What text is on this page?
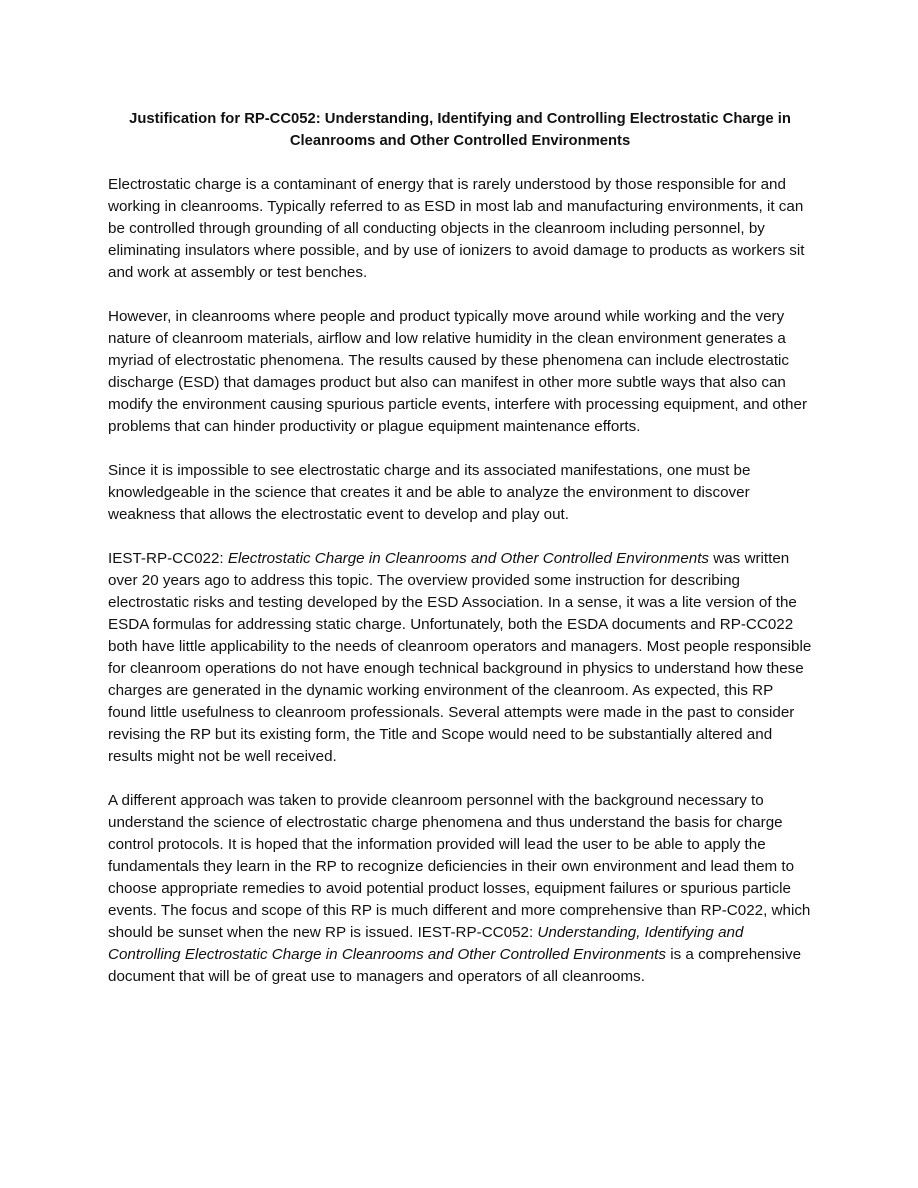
Justification for RP-CC052: Understanding, Identifying and Controlling Electrostatic Charge in Cleanrooms and Other Controlled Environments

Electrostatic charge is a contaminant of energy that is rarely understood by those responsible for and working in cleanrooms. Typically referred to as ESD in most lab and manufacturing environments, it can be controlled through grounding of all conducting objects in the cleanroom including personnel, by eliminating insulators where possible, and by use of ionizers to avoid damage to products as workers sit and work at assembly or test benches.

However, in cleanrooms where people and product typically move around while working and the very nature of cleanroom materials, airflow and low relative humidity in the clean environment generates a myriad of electrostatic phenomena. The results caused by these phenomena can include electrostatic discharge (ESD) that damages product but also can manifest in other more subtle ways that also can modify the environment causing spurious particle events, interfere with processing equipment, and other problems that can hinder productivity or plague equipment maintenance efforts.

Since it is impossible to see electrostatic charge and its associated manifestations, one must be knowledgeable in the science that creates it and be able to analyze the environment to discover weakness that allows the electrostatic event to develop and play out.

IEST-RP-CC022: Electrostatic Charge in Cleanrooms and Other Controlled Environments was written over 20 years ago to address this topic. The overview provided some instruction for describing electrostatic risks and testing developed by the ESD Association. In a sense, it was a lite version of the ESDA formulas for addressing static charge. Unfortunately, both the ESDA documents and RP-CC022 both have little applicability to the needs of cleanroom operators and managers. Most people responsible for cleanroom operations do not have enough technical background in physics to understand how these charges are generated in the dynamic working environment of the cleanroom. As expected, this RP found little usefulness to cleanroom professionals. Several attempts were made in the past to consider revising the RP but its existing form, the Title and Scope would need to be substantially altered and results might not be well received.

A different approach was taken to provide cleanroom personnel with the background necessary to understand the science of electrostatic charge phenomena and thus understand the basis for charge control protocols. It is hoped that the information provided will lead the user to be able to apply the fundamentals they learn in the RP to recognize deficiencies in their own environment and lead them to choose appropriate remedies to avoid potential product losses, equipment failures or spurious particle events. The focus and scope of this RP is much different and more comprehensive than RP-C022, which should be sunset when the new RP is issued. IEST-RP-CC052: Understanding, Identifying and Controlling Electrostatic Charge in Cleanrooms and Other Controlled Environments is a comprehensive document that will be of great use to managers and operators of all cleanrooms.
